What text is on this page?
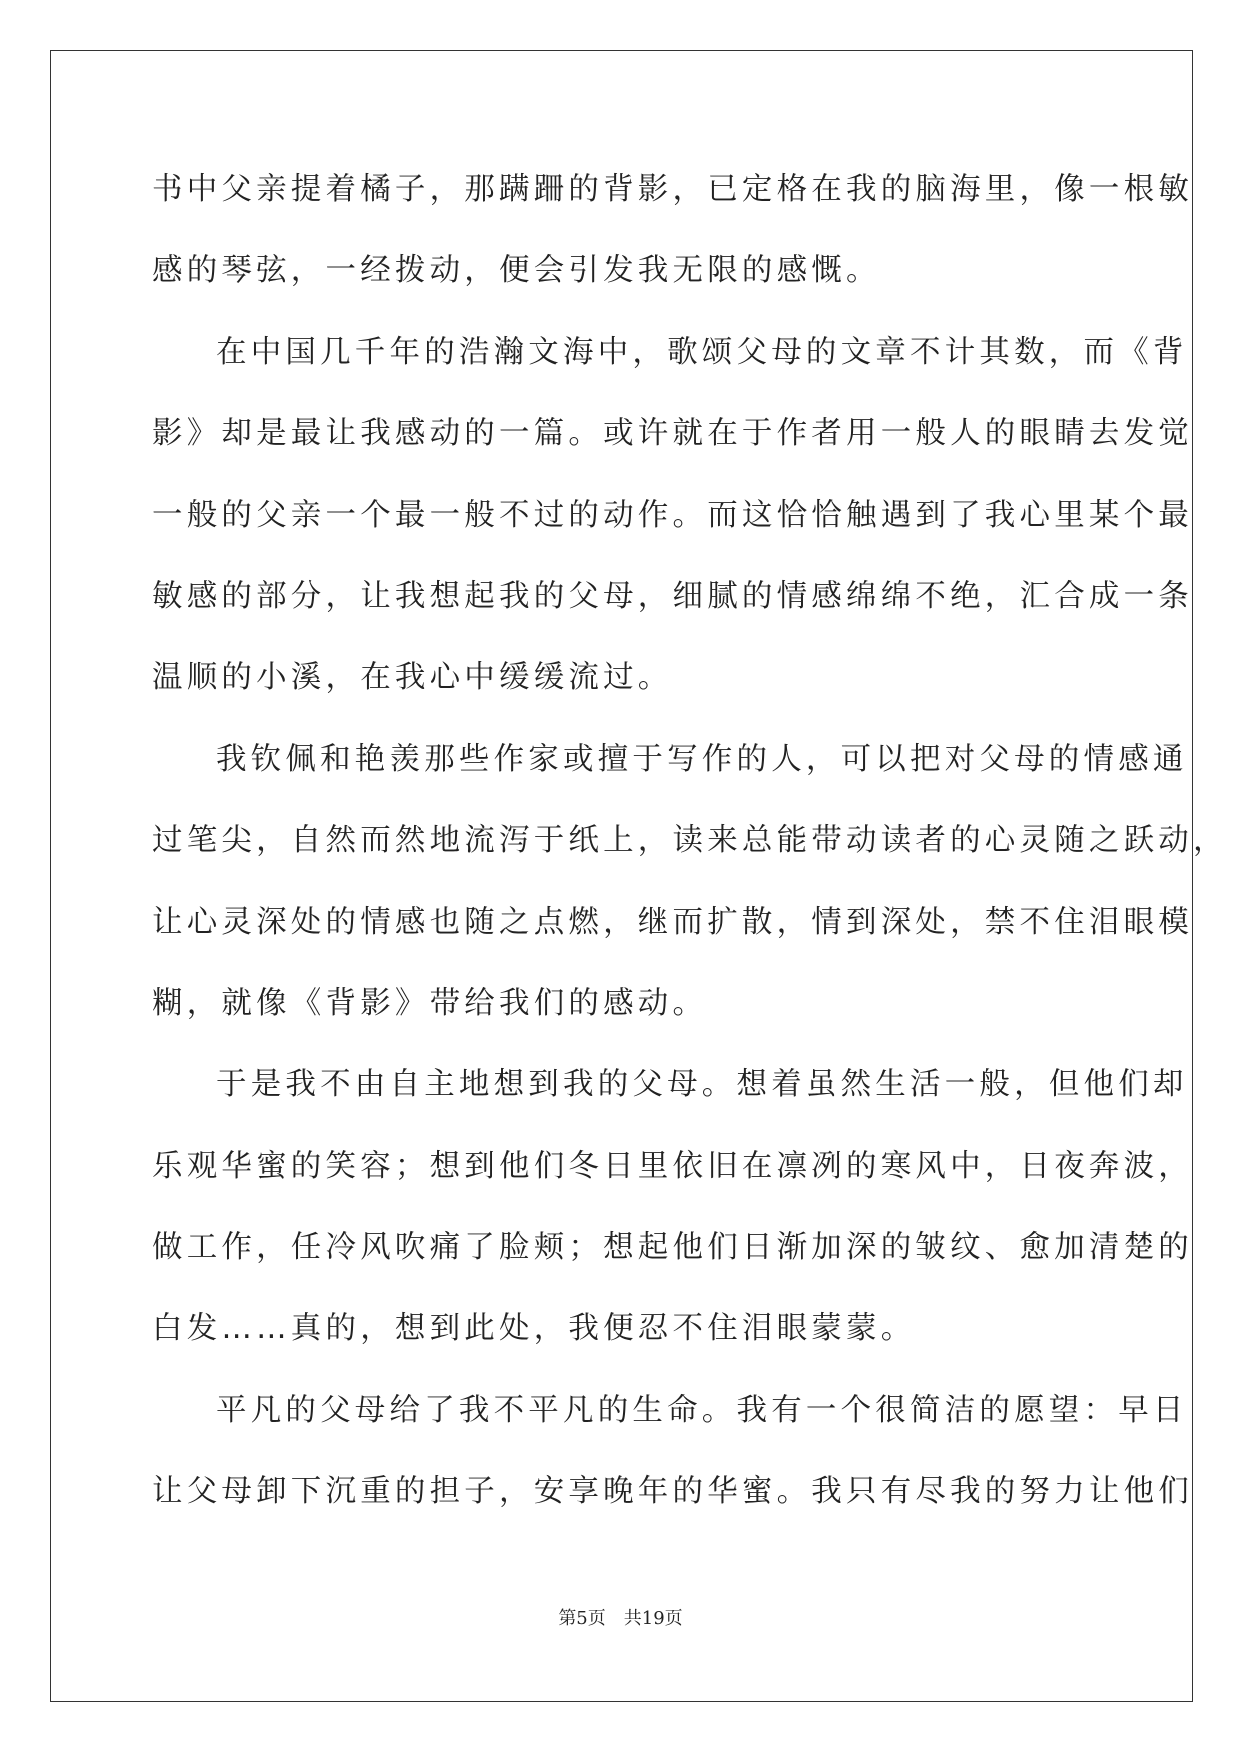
书中父亲提着橘子，那蹒跚的背影，已定格在我的脑海里，像一根敏
感的琴弦，一经拨动，便会引发我无限的感慨。
在中国几千年的浩瀚文海中，歌颂父母的文章不计其数，而《背
影》却是最让我感动的一篇。或许就在于作者用一般人的眼睛去发觉
一般的父亲一个最一般不过的动作。而这恰恰触遇到了我心里某个最
敏感的部分，让我想起我的父母，细腻的情感绵绵不绝，汇合成一条
温顺的小溪，在我心中缓缓流过。
我钦佩和艳羡那些作家或擅于写作的人，可以把对父母的情感通
过笔尖，自然而然地流泻于纸上，读来总能带动读者的心灵随之跃动，
让心灵深处的情感也随之点燃，继而扩散，情到深处，禁不住泪眼模
糊，就像《背影》带给我们的感动。
于是我不由自主地想到我的父母。想着虽然生活一般，但他们却
乐观华蜜的笑容；想到他们冬日里依旧在凛冽的寒风中，日夜奔波，
做工作，任冷风吹痛了脸颊；想起他们日渐加深的皱纹、愈加清楚的
白发……真的，想到此处，我便忍不住泪眼蒙蒙。
平凡的父母给了我不平凡的生命。我有一个很简洁的愿望：早日
让父母卸下沉重的担子，安享晚年的华蜜。我只有尽我的努力让他们
第5页 共19页
